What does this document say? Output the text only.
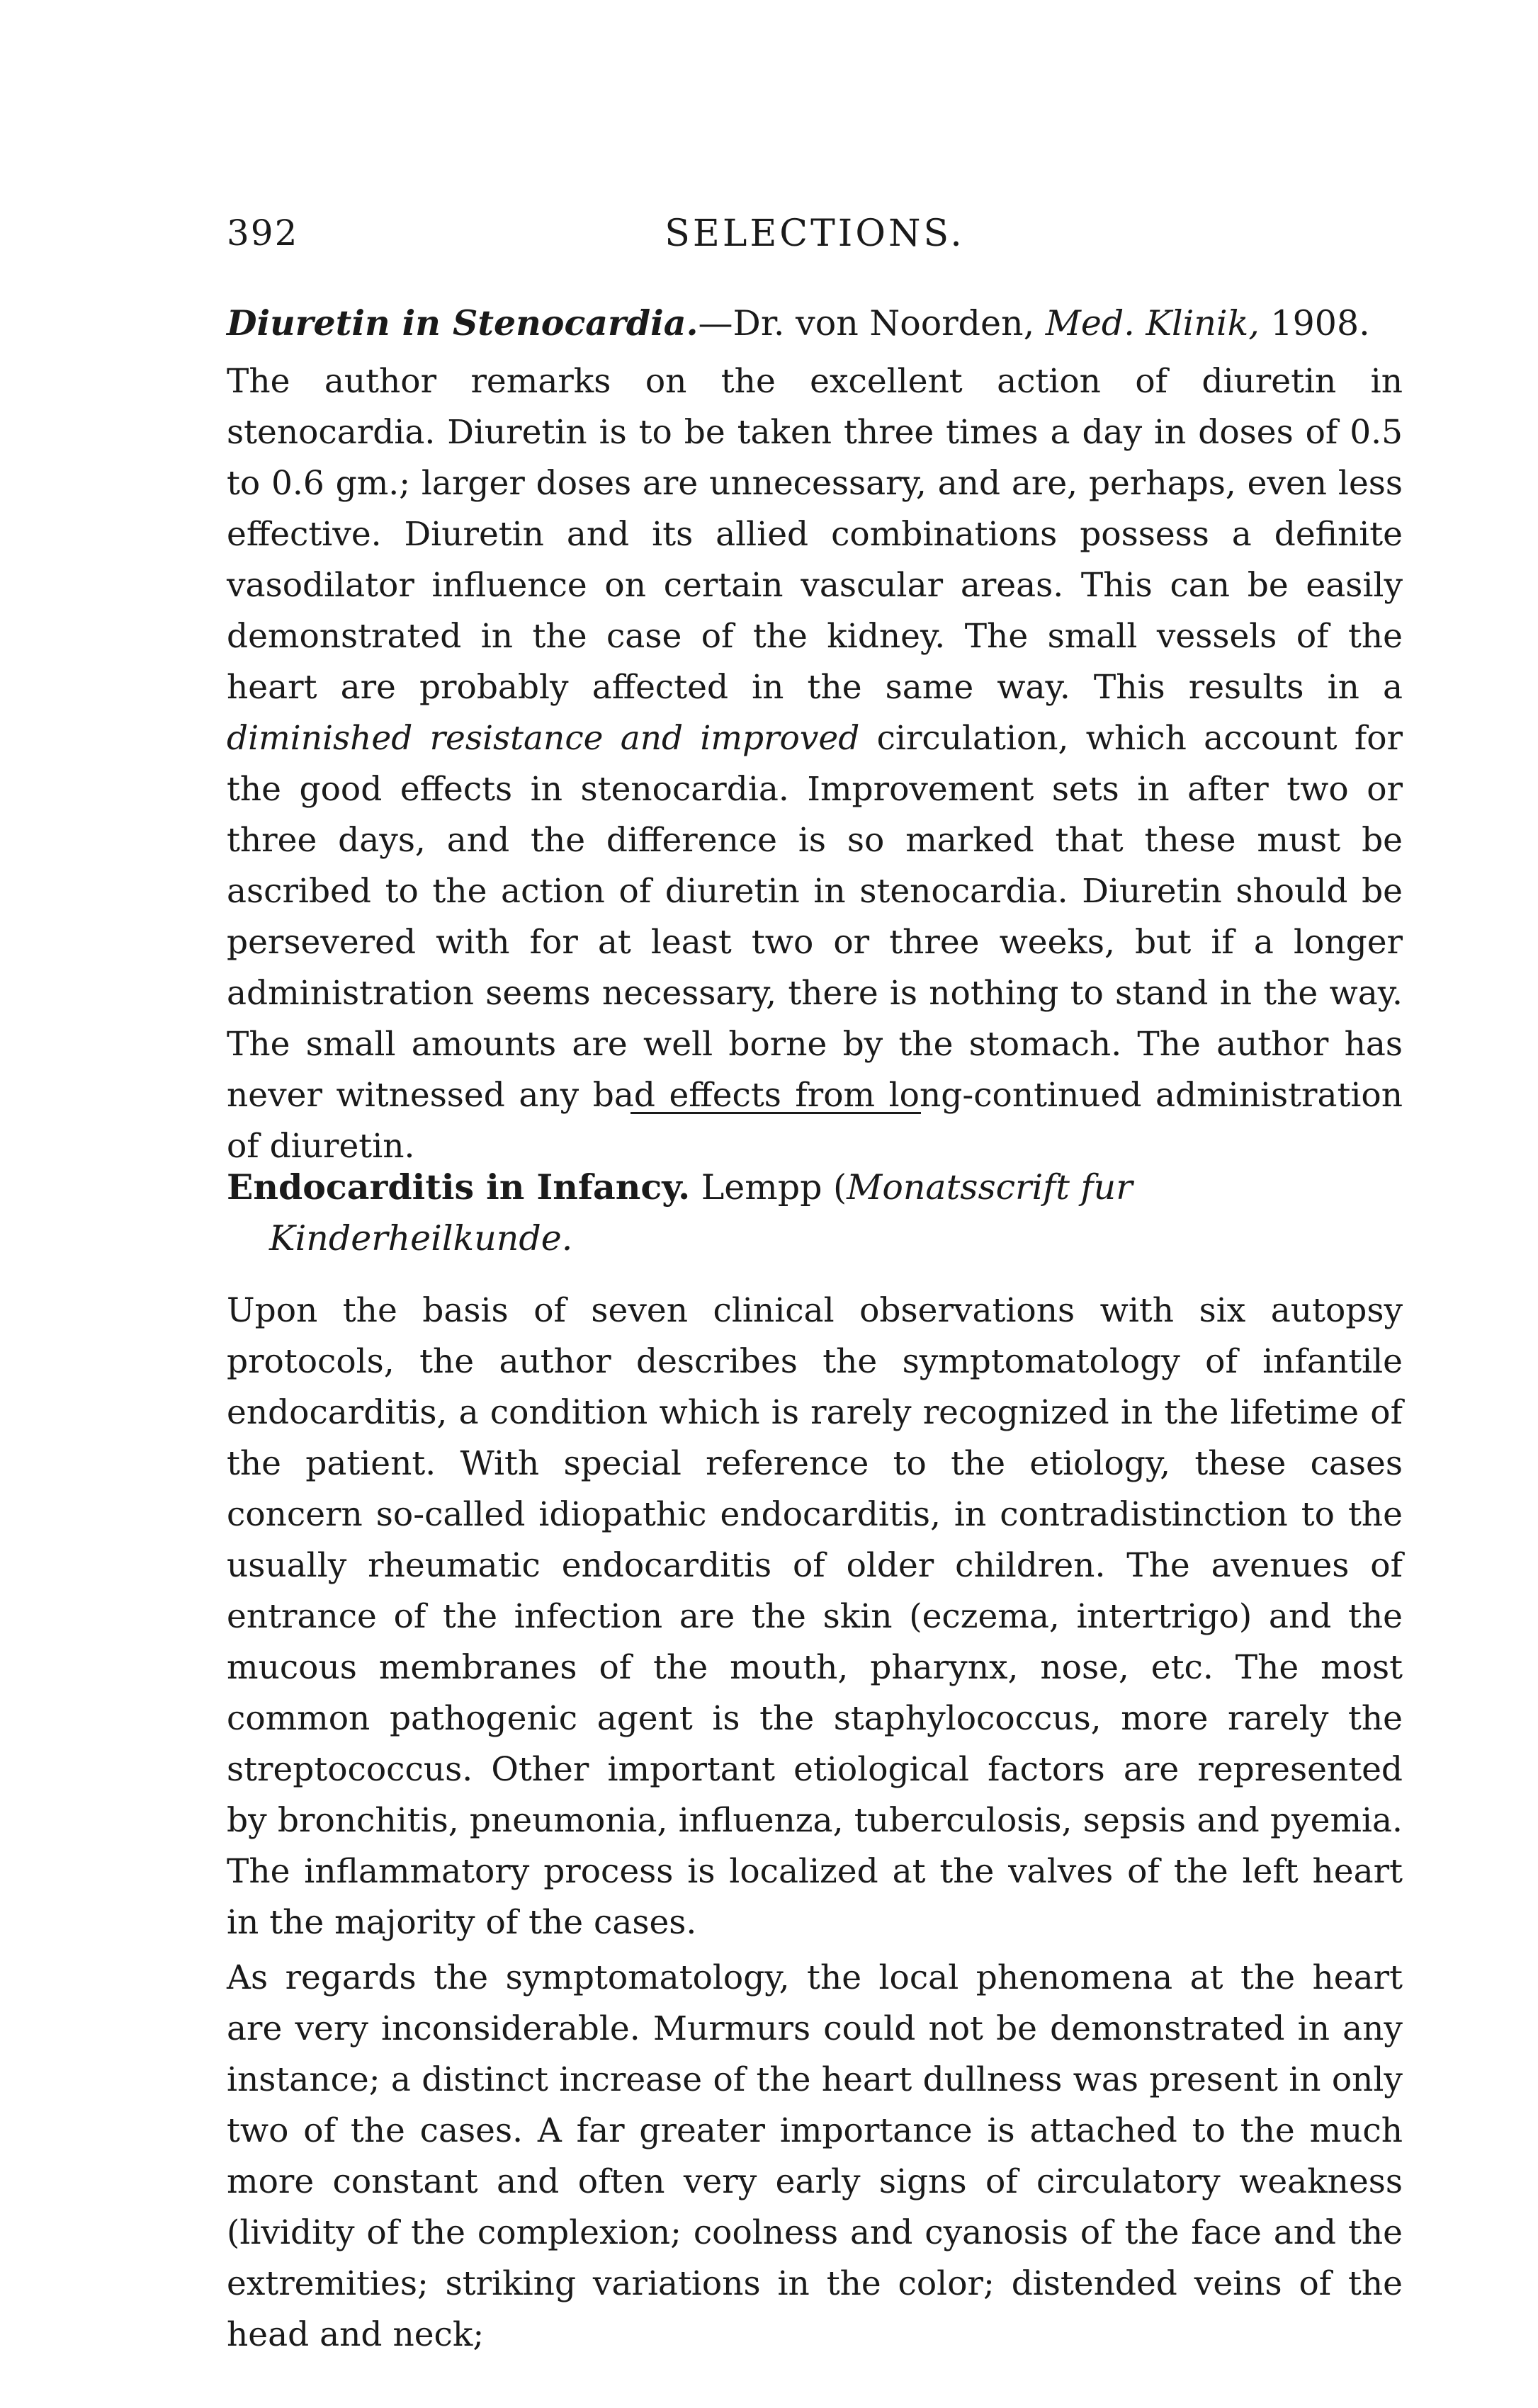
392	SELECTIONS.

Diuretin in Stenocardia.—Dr. von Noorden, Med. Klinik, 1908.

The author remarks on the excellent action of diuretin in stenocardia. Diuretin is to be taken three times a day in doses of 0.5 to 0.6 gm.; larger doses are unnecessary, and are, perhaps, even less effective. Diuretin and its allied combinations possess a definite vasodilator influence on certain vascular areas. This can be easily demonstrated in the case of the kidney. The small vessels of the heart are probably affected in the same way. This results in a diminished resistance and improved circulation, which account for the good effects in stenocardia. Improvement sets in after two or three days, and the difference is so marked that these must be ascribed to the action of diuretin in stenocardia. Diuretin should be persevered with for at least two or three weeks, but if a longer administration seems necessary, there is nothing to stand in the way. The small amounts are well borne by the stomach. The author has never witnessed any bad effects from long-continued administration of diuretin.

Endocarditis in Infancy. Lempp (Monatsscrift fur Kinderheilkunde.

Upon the basis of seven clinical observations with six autopsy protocols, the author describes the symptomatology of infantile endocarditis, a condition which is rarely recognized in the lifetime of the patient. With special reference to the etiology, these cases concern so-called idiopathic endocarditis, in contradistinction to the usually rheumatic endocarditis of older children. The avenues of entrance of the infection are the skin (eczema, intertrigo) and the mucous membranes of the mouth, pharynx, nose, etc. The most common pathogenic agent is the staphylococcus, more rarely the streptococcus. Other important etiological factors are represented by bronchitis, pneumonia, influenza, tuberculosis, sepsis and pyemia. The inflammatory process is localized at the valves of the left heart in the majority of the cases.

As regards the symptomatology, the local phenomena at the heart are very inconsiderable. Murmurs could not be demonstrated in any instance; a distinct increase of the heart dullness was present in only two of the cases. A far greater importance is attached to the much more constant and often very early signs of circulatory weakness (lividity of the complexion; coolness and cyanosis of the face and the extremities; striking variations in the color; distended veins of the head and neck;
